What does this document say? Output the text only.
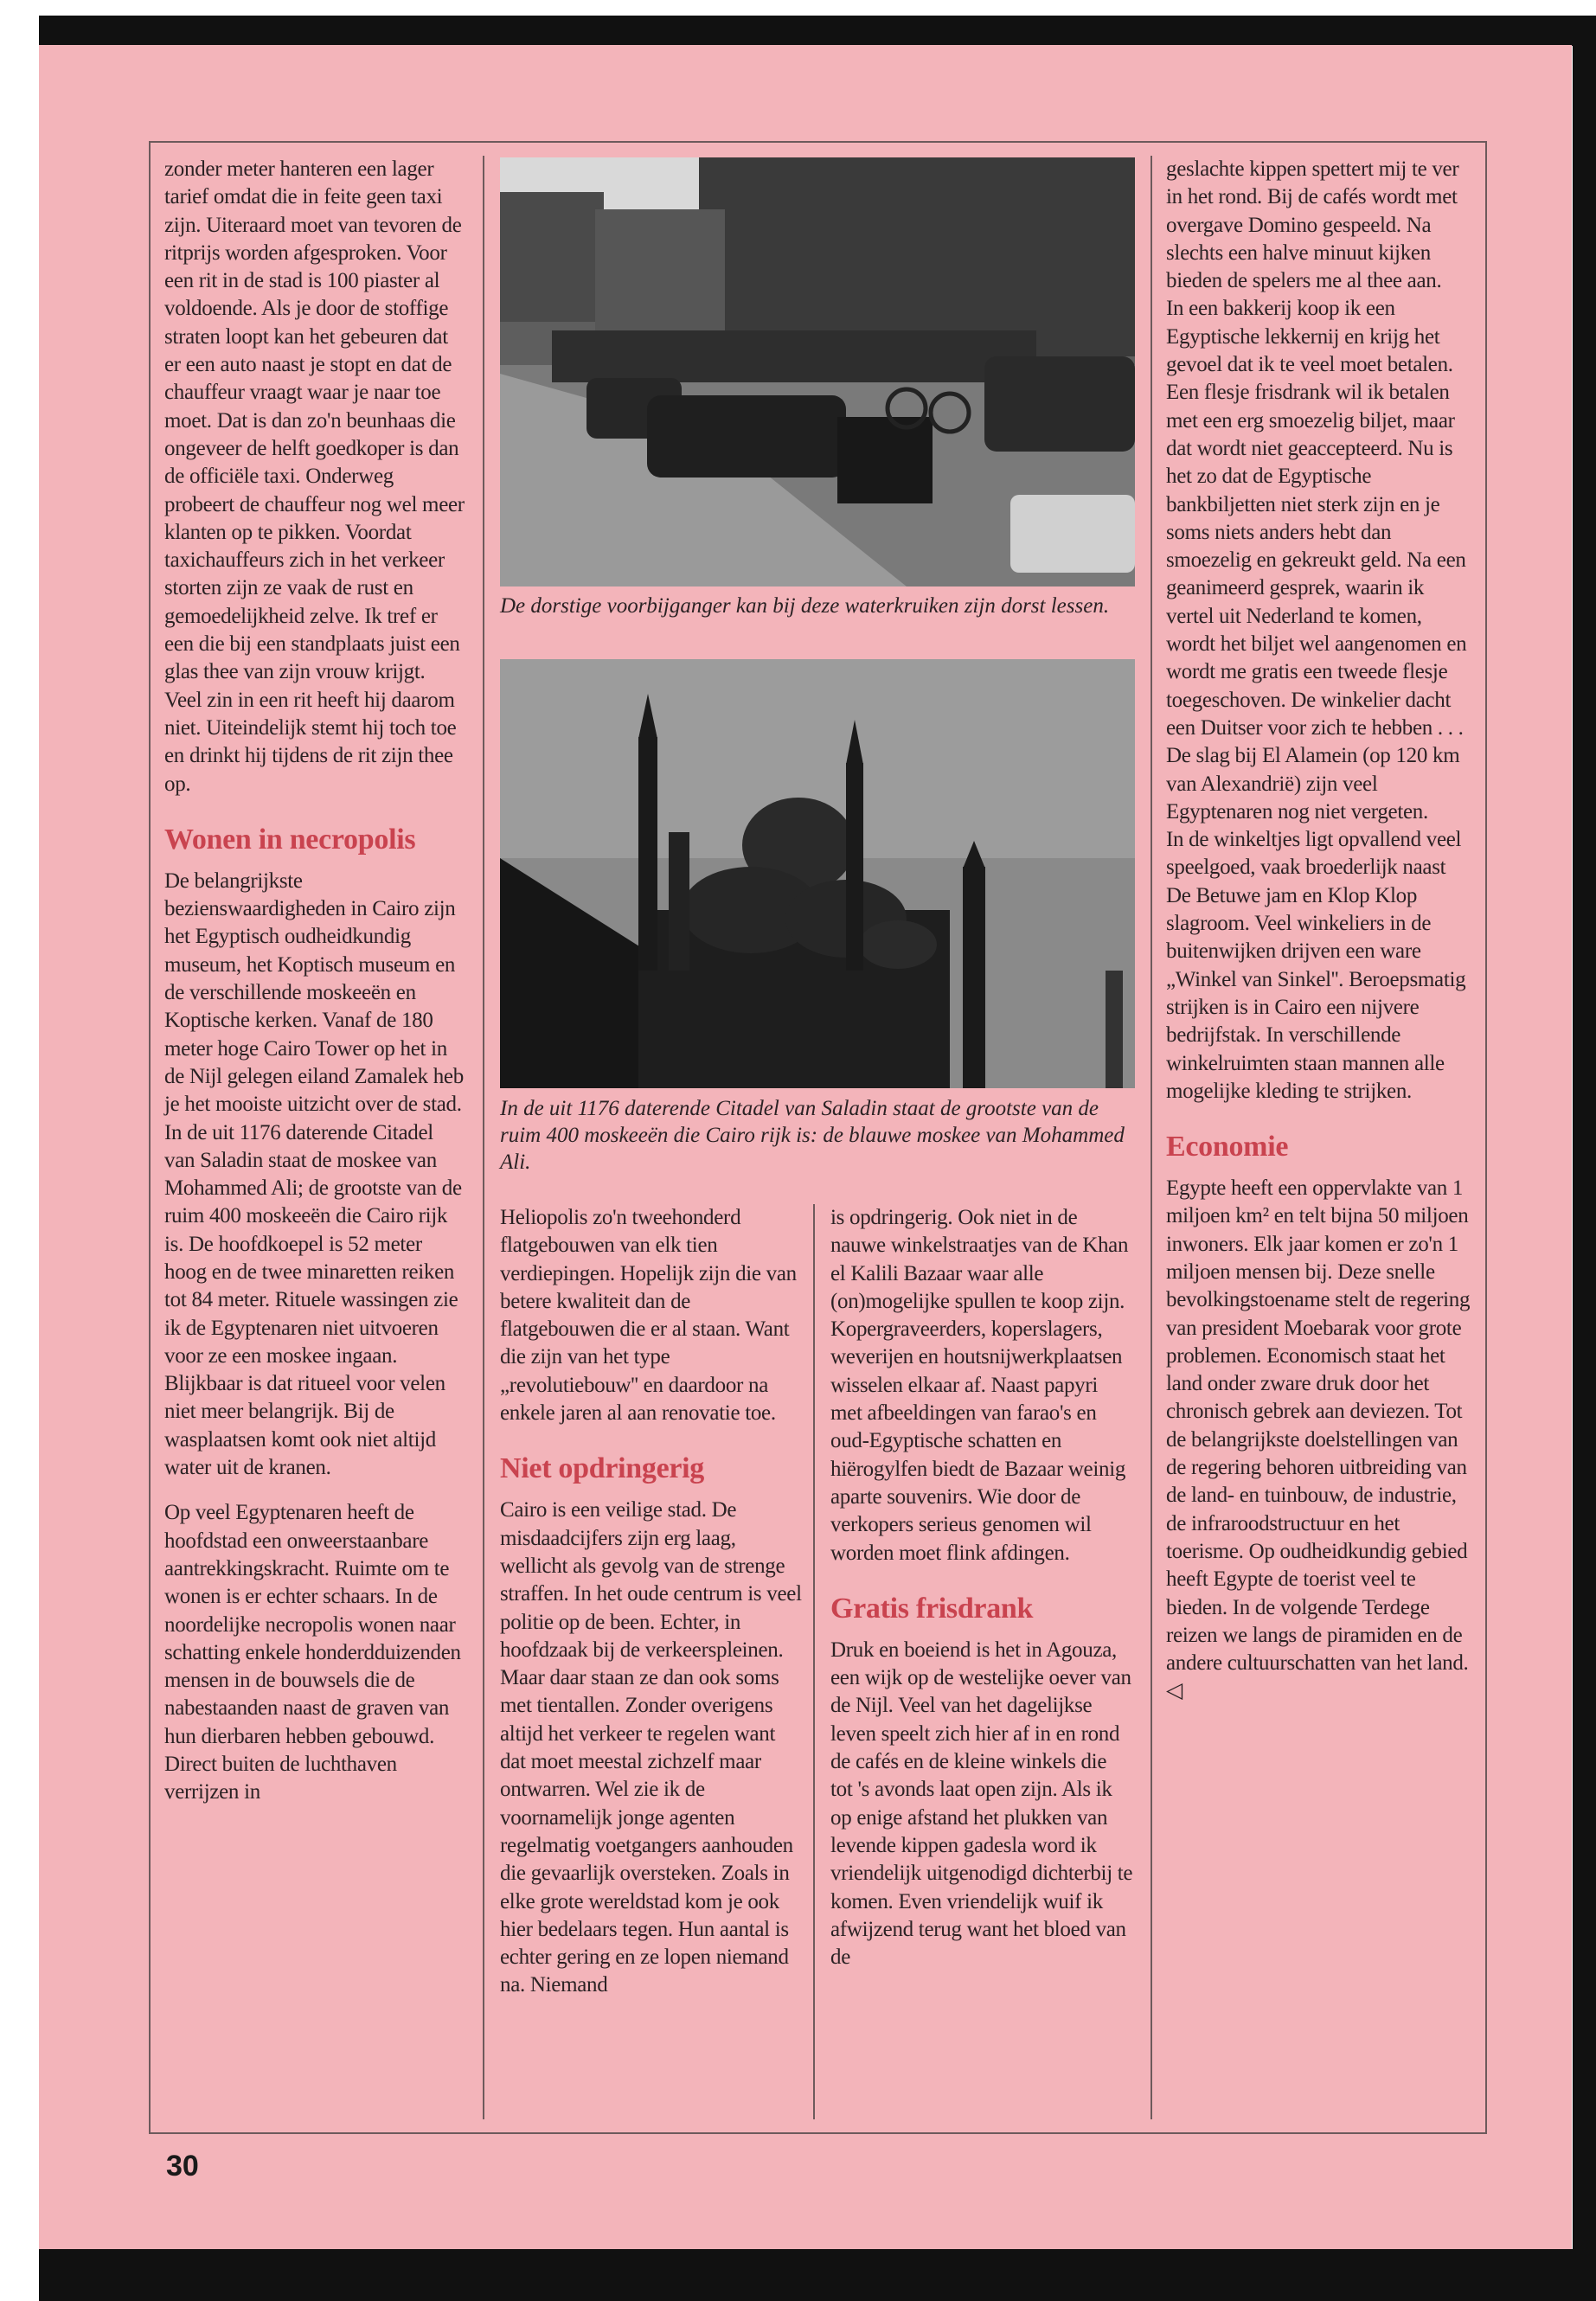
zonder meter hanteren een lager tarief omdat die in feite geen taxi zijn. Uiteraard moet van tevoren de ritprijs worden afgesproken. Voor een rit in de stad is 100 piaster al voldoende. Als je door de stoffige straten loopt kan het gebeuren dat er een auto naast je stopt en dat de chauffeur vraagt waar je naar toe moet. Dat is dan zo'n beunhaas die ongeveer de helft goedkoper is dan de officiële taxi. Onderweg probeert de chauffeur nog wel meer klanten op te pikken. Voordat taxichauffeurs zich in het verkeer storten zijn ze vaak de rust en gemoedelijkheid zelve. Ik tref er een die bij een standplaats juist een glas thee van zijn vrouw krijgt. Veel zin in een rit heeft hij daarom niet. Uiteindelijk stemt hij toch toe en drinkt hij tijdens de rit zijn thee op.

Wonen in necropolis

De belangrijkste bezienswaardigheden in Cairo zijn het Egyptisch oudheidkundig museum, het Koptisch museum en de verschillende moskeeën en Koptische kerken. Vanaf de 180 meter hoge Cairo Tower op het in de Nijl gelegen eiland Zamalek heb je het mooiste uitzicht over de stad. In de uit 1176 daterende Citadel van Saladin staat de moskee van Mohammed Ali; de grootste van de ruim 400 moskeeën die Cairo rijk is. De hoofdkoepel is 52 meter hoog en de twee minaretten reiken tot 84 meter. Rituele wassingen zie ik de Egyptenaren niet uitvoeren voor ze een moskee ingaan. Blijkbaar is dat ritueel voor velen niet meer belangrijk. Bij de wasplaatsen komt ook niet altijd water uit de kranen.

Op veel Egyptenaren heeft de hoofdstad een onweerstaanbare aantrekkingskracht. Ruimte om te wonen is er echter schaars. In de noordelijke necropolis wonen naar schatting enkele honderdduizenden mensen in de bouwsels die de nabestaanden naast de graven van hun dierbaren hebben gebouwd. Direct buiten de luchthaven verrijzen in

De dorstige voorbijganger kan bij deze waterkruiken zijn dorst lessen.

In de uit 1176 daterende Citadel van Saladin staat de grootste van de ruim 400 moskeeën die Cairo rijk is: de blauwe moskee van Mohammed Ali.

Heliopolis zo'n tweehonderd flatgebouwen van elk tien verdiepingen. Hopelijk zijn die van betere kwaliteit dan de flatgebouwen die er al staan. Want die zijn van het type „revolutiebouw'' en daardoor na enkele jaren al aan renovatie toe.

Niet opdringerig

Cairo is een veilige stad. De misdaadcijfers zijn erg laag, wellicht als gevolg van de strenge straffen. In het oude centrum is veel politie op de been. Echter, in hoofdzaak bij de verkeerspleinen. Maar daar staan ze dan ook soms met tientallen. Zonder overigens altijd het verkeer te regelen want dat moet meestal zichzelf maar ontwarren. Wel zie ik de voornamelijk jonge agenten regelmatig voetgangers aanhouden die gevaarlijk oversteken. Zoals in elke grote wereldstad kom je ook hier bedelaars tegen. Hun aantal is echter gering en ze lopen niemand na. Niemand

is opdringerig. Ook niet in de nauwe winkelstraatjes van de Khan el Kalili Bazaar waar alle (on)mogelijke spullen te koop zijn. Kopergraveerders, koperslagers, weverijen en houtsnijwerkplaatsen wisselen elkaar af. Naast papyri met afbeeldingen van farao's en oud-Egyptische schatten en hiërogylfen biedt de Bazaar weinig aparte souvenirs. Wie door de verkopers serieus genomen wil worden moet flink afdingen.

Gratis frisdrank

Druk en boeiend is het in Agouza, een wijk op de westelijke oever van de Nijl. Veel van het dagelijkse leven speelt zich hier af in en rond de cafés en de kleine winkels die tot 's avonds laat open zijn. Als ik op enige afstand het plukken van levende kippen gadesla word ik vriendelijk uitgenodigd dichterbij te komen. Even vriendelijk wuif ik afwijzend terug want het bloed van de

geslachte kippen spettert mij te ver in het rond. Bij de cafés wordt met overgave Domino gespeeld. Na slechts een halve minuut kijken bieden de spelers me al thee aan.

In een bakkerij koop ik een Egyptische lekkernij en krijg het gevoel dat ik te veel moet betalen. Een flesje frisdrank wil ik betalen met een erg smoezelig biljet, maar dat wordt niet geaccepteerd. Nu is het zo dat de Egyptische bankbiljetten niet sterk zijn en je soms niets anders hebt dan smoezelig en gekreukt geld. Na een geanimeerd gesprek, waarin ik vertel uit Nederland te komen, wordt het biljet wel aangenomen en wordt me gratis een tweede flesje toegeschoven. De winkelier dacht een Duitser voor zich te hebben . . . De slag bij El Alamein (op 120 km van Alexandrië) zijn veel Egyptenaren nog niet vergeten.

In de winkeltjes ligt opvallend veel speelgoed, vaak broederlijk naast De Betuwe jam en Klop Klop slagroom. Veel winkeliers in de buitenwijken drijven een ware „Winkel van Sinkel''. Beroepsmatig strijken is in Cairo een nijvere bedrijfstak. In verschillende winkelruimten staan mannen alle mogelijke kleding te strijken.

Economie

Egypte heeft een oppervlakte van 1 miljoen km² en telt bijna 50 miljoen inwoners. Elk jaar komen er zo'n 1 miljoen mensen bij. Deze snelle bevolkingstoename stelt de regering van president Moebarak voor grote problemen. Economisch staat het land onder zware druk door het chronisch gebrek aan deviezen. Tot de belangrijkste doelstellingen van de regering behoren uitbreiding van de land- en tuinbouw, de industrie, de infraroodstructuur en het toerisme. Op oudheidkundig gebied heeft Egypte de toerist veel te bieden. In de volgende Terdege reizen we langs de piramiden en de andere cultuurschatten van het land. ◁

30
